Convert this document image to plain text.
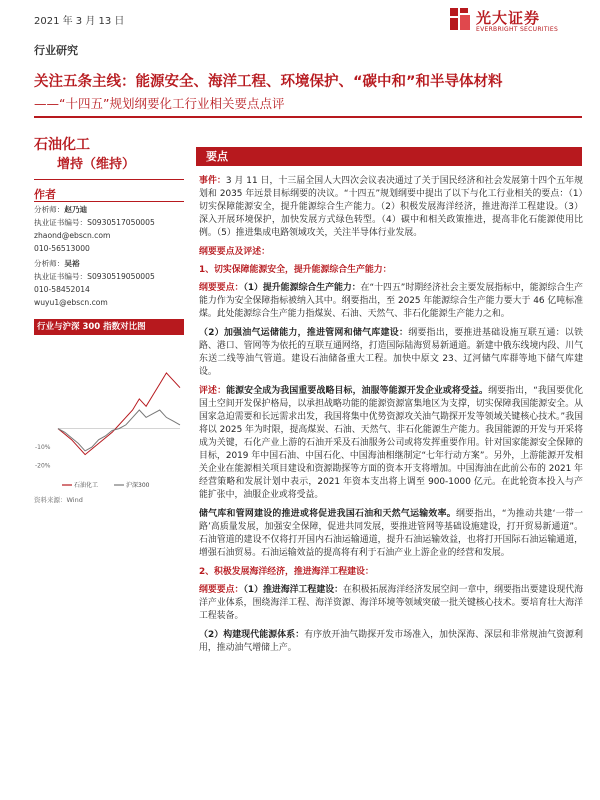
2021 年 3 月 13 日	光大证券
EVERBRIGHT SECURITIES
行业研究
关注五条主线：能源安全、海洋工程、环境保护、“碳中和”和半导体材料
——“十四五”规划纲要化工行业相关要点点评
石油化工
增持（维持）
作者
分析师：赵乃迪
执业证书编号：S0930517050005
zhaond@ebscn.com
010-56513000
分析师：吴裕
执业证书编号：S0930519050005
010-58452014
wuyu1@ebscn.com
行业与沪深 300 指数对比图
-10%
-20%
石油化工	沪深300
资料来源：Wind
要点

事件：3 月 11 日，十三届全国人大四次会议表决通过了关于国民经济和社会发展第十四个五年规划和 2035 年远景目标纲要的决议。“十四五”规划纲要中提出了以下与化工行业相关的要点：（1）切实保障能源安全，提升能源综合生产能力。（2）积极发展海洋经济，推进海洋工程建设。（3）深入开展环境保护，加快发展方式绿色转型。（4）碳中和相关政策推进，提高非化石能源使用比例。（5）推进集成电路领域攻关，关注半导体行业发展。

纲要要点及评述：
1、切实保障能源安全，提升能源综合生产能力：

纲要要点：（1）提升能源综合生产能力：在“十四五”时期经济社会主要发展指标中，能源综合生产能力作为安全保障指标被纳入其中。纲要指出，至 2025 年能源综合生产能力要大于 46 亿吨标准煤。此处能源综合生产能力指煤炭、石油、天然气、非石化能源生产能力之和。

（2）加强油气运储能力，推进管网和储气库建设：纲要指出，要推进基础设施互联互通：以铁路、港口、管网等为依托的互联互通网络，打造国际陆海贸易新通道。新建中俄东线境内段、川气东送二线等油气管道。建设石油储备重大工程。加快中原文 23、辽河储气库群等地下储气库建设。

评述：能源安全成为我国重要战略目标，油服等能源开发企业或将受益。纲要指出，“我国要优化国土空间开发保护格局，以承担战略功能的能源资源富集地区为支撑，切实保障我国能源安全。从国家急迫需要和长远需求出发，我国将集中优势资源攻关油气勘探开发等领域关键核心技术。”我国将以 2025 年为时限，提高煤炭、石油、天然气、非石化能源生产能力。我国能源的开发与开采将成为关键，石化产业上游的石油开采及石油服务公司或将发挥重要作用。针对国家能源安全保障的目标，2019 年中国石油、中国石化、中国海油相继制定“七年行动方案”。另外，上游能源开发相关企业在能源相关项目建设和资源勘探等方面的资本开支将增加。中国海油在此前公布的 2021 年经营策略和发展计划中表示，2021 年资本支出将上调至 900-1000 亿元。在此轮资本投入与产能扩张中，油服企业或将受益。

储气库和管网建设的推进或将促进我国石油和天然气运输效率。纲要指出，“为推动共建‘一带一路’高质量发展，加强安全保障，促进共同发展，要推进管网等基础设施建设，打开贸易新通道”。石油管道的建设不仅将打开国内石油运输通道，提升石油运输效益，也将打开国际石油运输通道，增强石油贸易。石油运输效益的提高将有利于石油产业上游企业的经营和发展。

2、积极发展海洋经济，推进海洋工程建设：

纲要要点：（1）推进海洋工程建设：在积极拓展海洋经济发展空间一章中，纲要指出要建设现代海洋产业体系，围绕海洋工程、海洋资源、海洋环境等领域突破一批关键核心技术。要培育壮大海洋工程装备。

（2）构建现代能源体系：有序放开油气勘探开发市场准入，加快深海、深层和非常规油气资源利用，推动油气增储上产。
